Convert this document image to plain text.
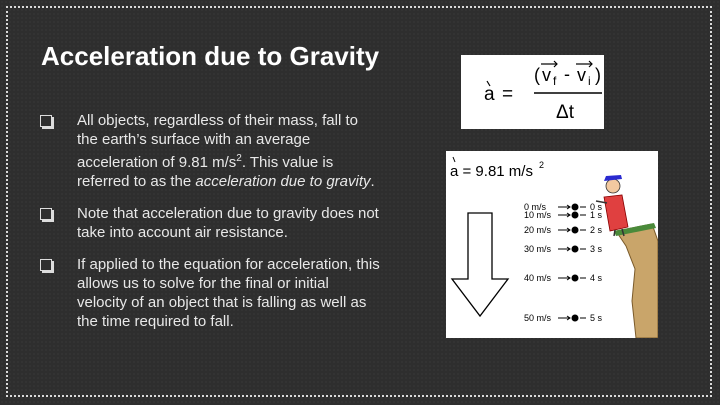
Acceleration due to Gravity
All objects, regardless of their mass, fall to the earth’s surface with an average acceleration of 9.81 $m/s^2$. This value is referred to as the acceleration due to gravity.
Note that acceleration due to gravity does not take into account air resistance.
If applied to the equation for acceleration, this allows us to solve for the final or initial velocity of an object that is falling as well as the time required to fall.
a =
( v f - v i )
Δt
a = 9.81 m/s 2
0 m/s	0 s
10 m/s	1 s
20 m/s	2 s
30 m/s	3 s
40 m/s	4 s
50 m/s	5 s
